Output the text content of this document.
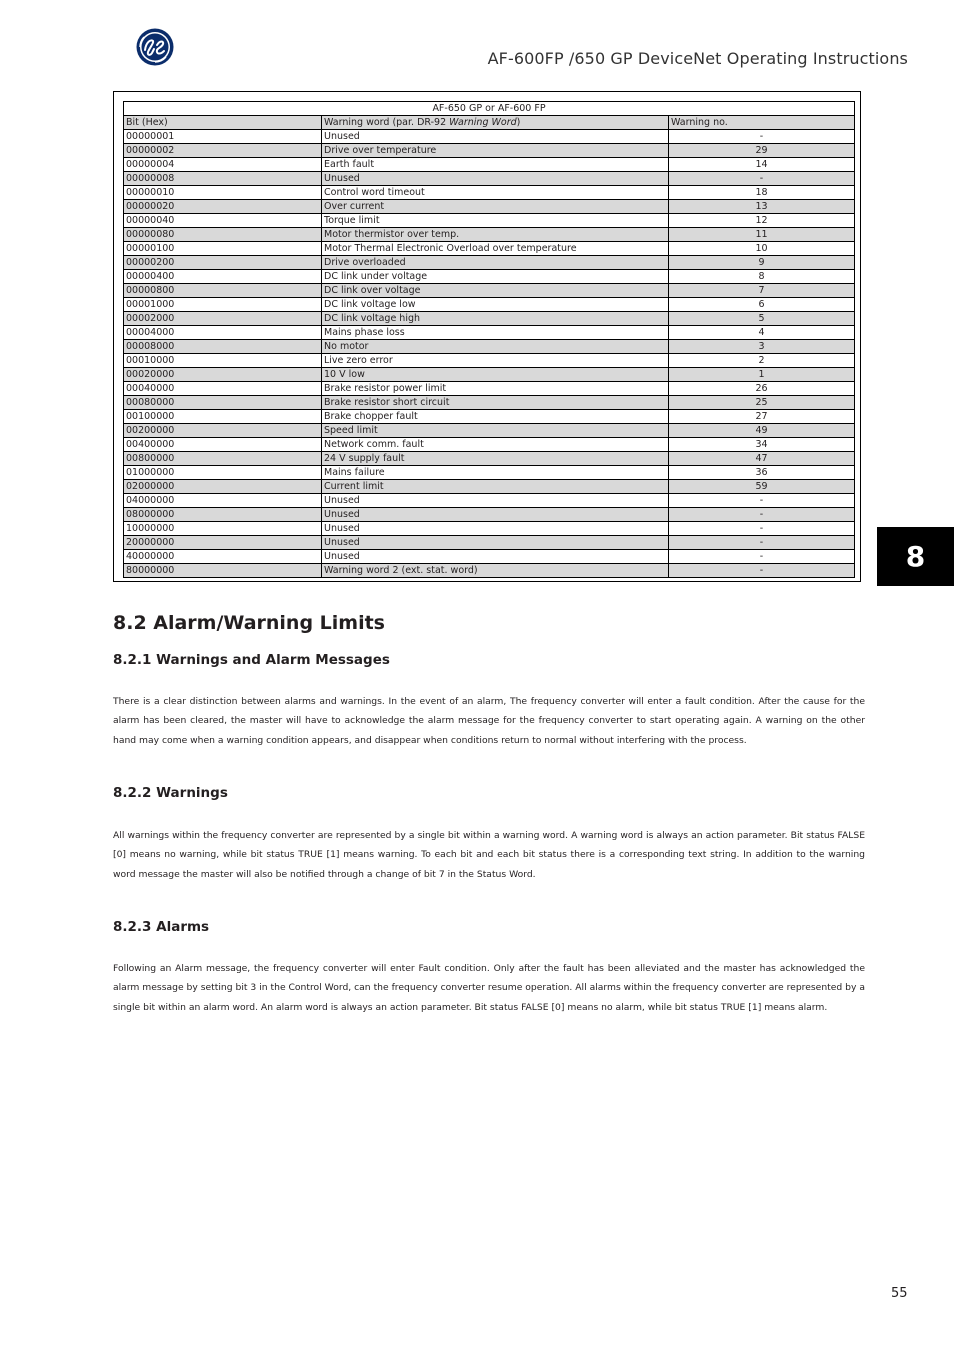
AF-600FP /650 GP DeviceNet Operating Instructions
AF-650 GP or AF-600 FP		
Bit (Hex)	Warning word (par. DR-92 Warning Word)	Warning no.
00000001	Unused	-
00000002	Drive over temperature	29
00000004	Earth fault	14
00000008	Unused	-
00000010	Control word timeout	18
00000020	Over current	13
00000040	Torque limit	12
00000080	Motor thermistor over temp.	11
00000100	Motor Thermal Electronic Overload over temperature	10
00000200	Drive overloaded	9
00000400	DC link under voltage	8
00000800	DC link over voltage	7
00001000	DC link voltage low	6
00002000	DC link voltage high	5
00004000	Mains phase loss	4
00008000	No motor	3
00010000	Live zero error	2
00020000	10 V low	1
00040000	Brake resistor power limit	26
00080000	Brake resistor short circuit	25
00100000	Brake chopper fault	27
00200000	Speed limit	49
00400000	Network comm. fault	34
00800000	24 V supply fault	47
01000000	Mains failure	36
02000000	Current limit	59
04000000	Unused	-
08000000	Unused	-
10000000	Unused	-
20000000	Unused	-
40000000	Unused	-
80000000	Warning word 2 (ext. stat. word)	-	8
8.2 Alarm/Warning Limits
8.2.1 Warnings and Alarm Messages

There is a clear distinction between alarms and warnings. In the event of an alarm, The frequency converter will enter a fault condition. After the cause for the alarm has been cleared, the master will have to acknowledge the alarm message for the frequency converter to start operating again. A warning on the other hand may come when a warning condition appears, and disappear when conditions return to normal without interfering with the process.

8.2.2 Warnings

All warnings within the frequency converter are represented by a single bit within a warning word. A warning word is always an action parameter. Bit status FALSE [0] means no warning, while bit status TRUE [1] means warning. To each bit and each bit status there is a corresponding text string. In addition to the warning word message the master will also be notified through a change of bit 7 in the Status Word.

8.2.3 Alarms

Following an Alarm message, the frequency converter will enter Fault condition. Only after the fault has been alleviated and the master has acknowledged the alarm message by setting bit 3 in the Control Word, can the frequency converter resume operation. All alarms within the frequency converter are represented by a single bit within an alarm word. An alarm word is always an action parameter. Bit status FALSE [0] means no alarm, while bit status TRUE [1] means alarm.

55
